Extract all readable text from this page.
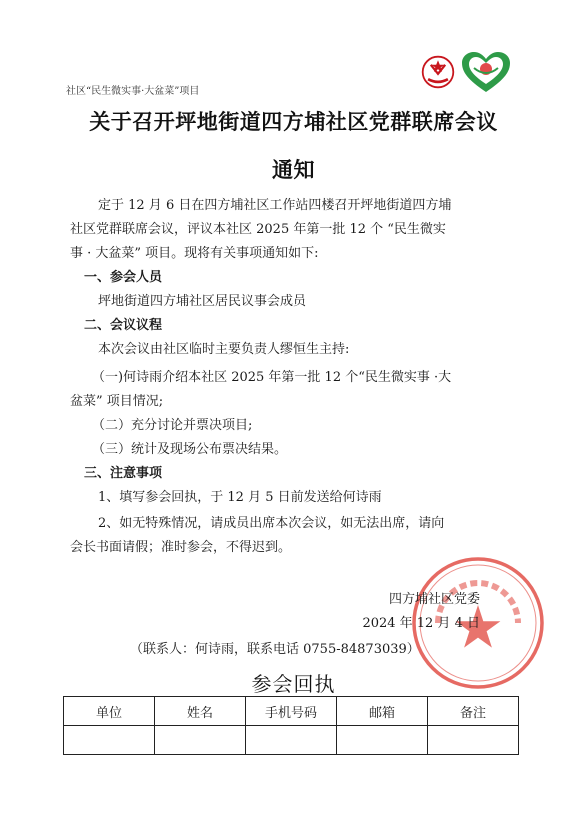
社区“民生微实事·大盆菜”项目
关于召开坪地街道四方埔社区党群联席会议
通知
定于 12 月 6 日在四方埔社区工作站四楼召开坪地街道四方埔
社区党群联席会议，评议本社区 2025 年第一批 12 个 “民生微实
事 · 大盆菜” 项目。现将有关事项通知如下:
一、参会人员
坪地街道四方埔社区居民议事会成员
二、会议议程
本次会议由社区临时主要负责人缪恒生主持:
（一)何诗雨介绍本社区 2025 年第一批 12 个“民生微实事 ·大
盆菜” 项目情况;
（二）充分讨论并票决项目;
（三）统计及现场公布票决结果。
三、注意事项
1、填写参会回执，于 12 月 5 日前发送给何诗雨
2、如无特殊情况，请成员出席本次会议，如无法出席，请向
会长书面请假；准时参会，不得迟到。
四方埔社区党委
2024 年 12 月 4 日
（联系人：何诗雨，联系电话 0755-84873039）
参会回执
单位	姓名	手机号码	邮箱	备注
